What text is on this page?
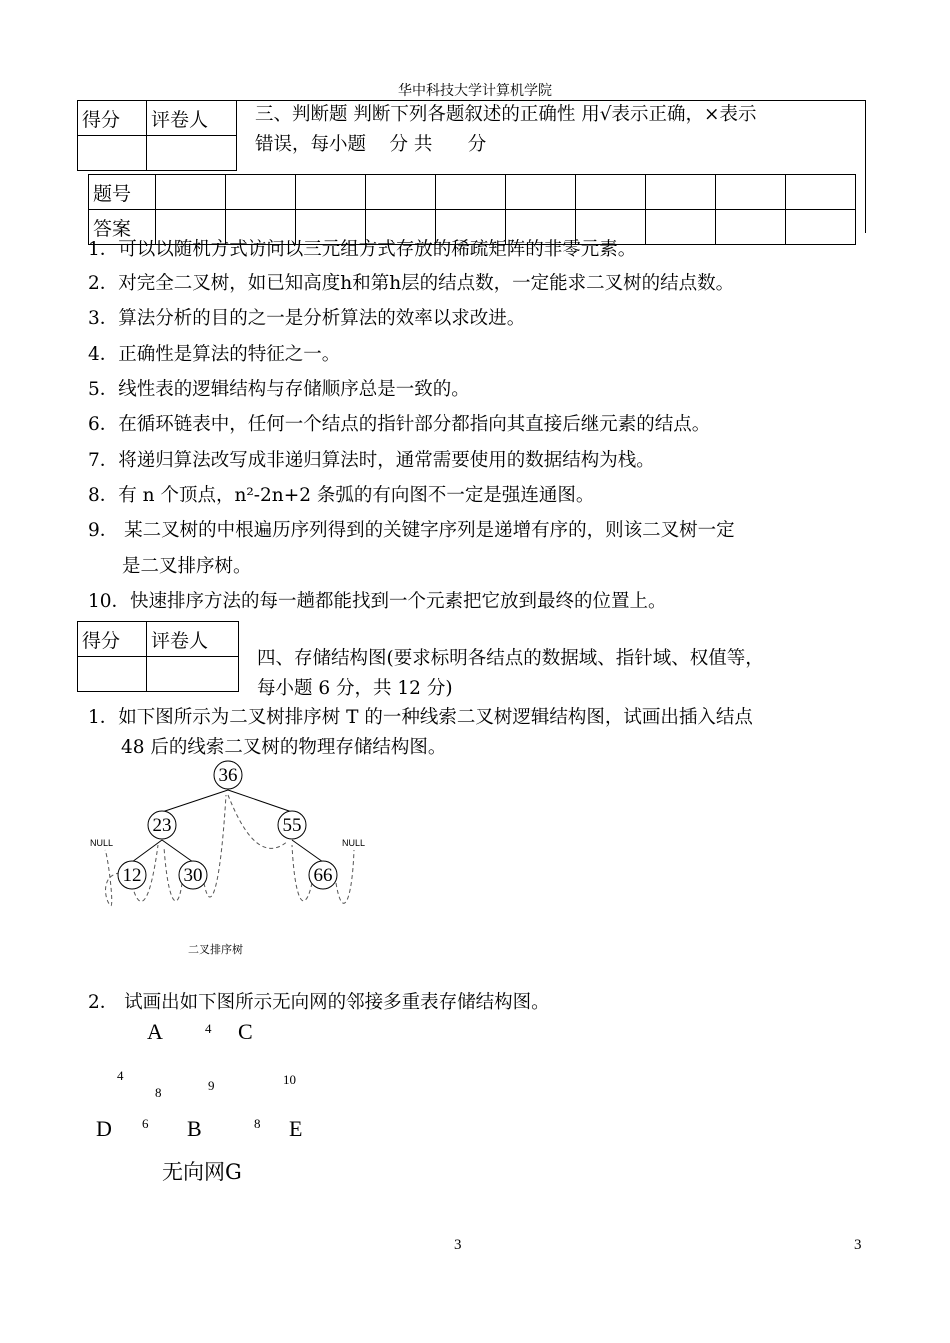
华中科技大学计算机学院
得分	评卷人
		三、判断题 判断下列各题叙述的正确性 用√表示正确，×表示
错误，每小题    分 共      分
题号										
答案										
1．可以以随机方式访问以三元组方式存放的稀疏矩阵的非零元素。
2．对完全二叉树，如已知高度h和第h层的结点数，一定能求二叉树的结点数。
3．算法分析的目的之一是分析算法的效率以求改进。
4．正确性是算法的特征之一。
5．线性表的逻辑结构与存储顺序总是一致的。
6．在循环链表中，任何一个结点的指针部分都指向其直接后继元素的结点。
7．将递归算法改写成非递归算法时，通常需要使用的数据结构为栈。
8．有 n 个顶点，n²-2n+2 条弧的有向图不一定是强连通图。
9． 某二叉树的中根遍历序列得到的关键字序列是递增有序的，则该二叉树一定
是二叉排序树。
10．快速排序方法的每一趟都能找到一个元素把它放到最终的位置上。
得分	评卷人

四、存储结构图(要求标明各结点的数据域、指针域、权值等，
每小题 6 分，共 12 分)
1．如下图所示为二叉树排序树 T 的一种线索二叉树逻辑结构图，试画出插入结点
48 后的线索二叉树的物理存储结构图。
36
23	55
12 30	66
NULL	NULL
二叉排序树
2． 试画出如下图所示无向网的邻接多重表存储结构图。
A	C
D	B	E
4
4
8	9	10
6	8
无向网G
3	3
